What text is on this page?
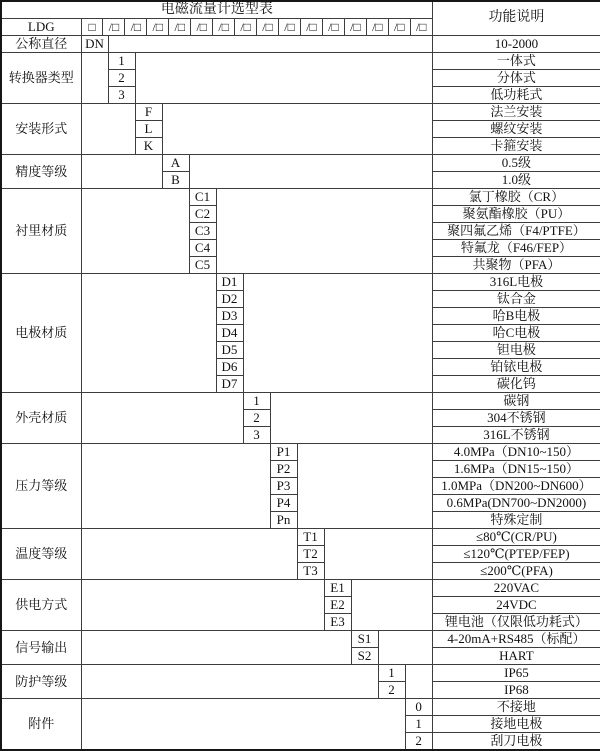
电磁流量计选型表														功能说明
LDG	□	/□ /□ /□ /□ /□ /□ /□ /□ /□ /□ /□ /□ /□ /□ /□

公称直径	DN													10-2000
转换器类型		1												一体式
		2												分体式
		3												低功耗式
安装形式			F											法兰安装
			L											螺纹安装
			K											卡箍安装
精度等级				A										0.5级
				B										1.0级
衬里材质					C1									氯丁橡胶（CR）
					C2									聚氨酯橡胶（PU）
					C3									聚四氟乙烯（F4/PTFE）
					C4									特氟龙（F46/FEP）
					C5									共聚物（PFA）
电极材质						D1								316L电极
						D2								钛合金
						D3								哈B电极
						D4								哈C电极
						D5								钽电极
						D6								铂铱电极
						D7								碳化钨
外壳材质							1							碳钢
							2							304不锈钢
							3							316L不锈钢
压力等级								P1						4.0MPa（DN10~150）
								P2						1.6MPa（DN15~150）
								P3						1.0MPa（DN200~DN600）
								P4						0.6MPa(DN700~DN2000)
								Pn						特殊定制
温度等级									T1					≤80℃(CR/PU)
									T2					≤120℃(PTEP/FEP)
									T3					≤200℃(PFA)
供电方式										E1				220VAC
										E2				24VDC
										E3				锂电池（仅限低功耗式）
信号输出											S1			4-20mA+RS485（标配）
											S2			HART
防护等级												1		IP65
												2		IP68
附件													0	不接地
													1	接地电极
													2	刮刀电极
